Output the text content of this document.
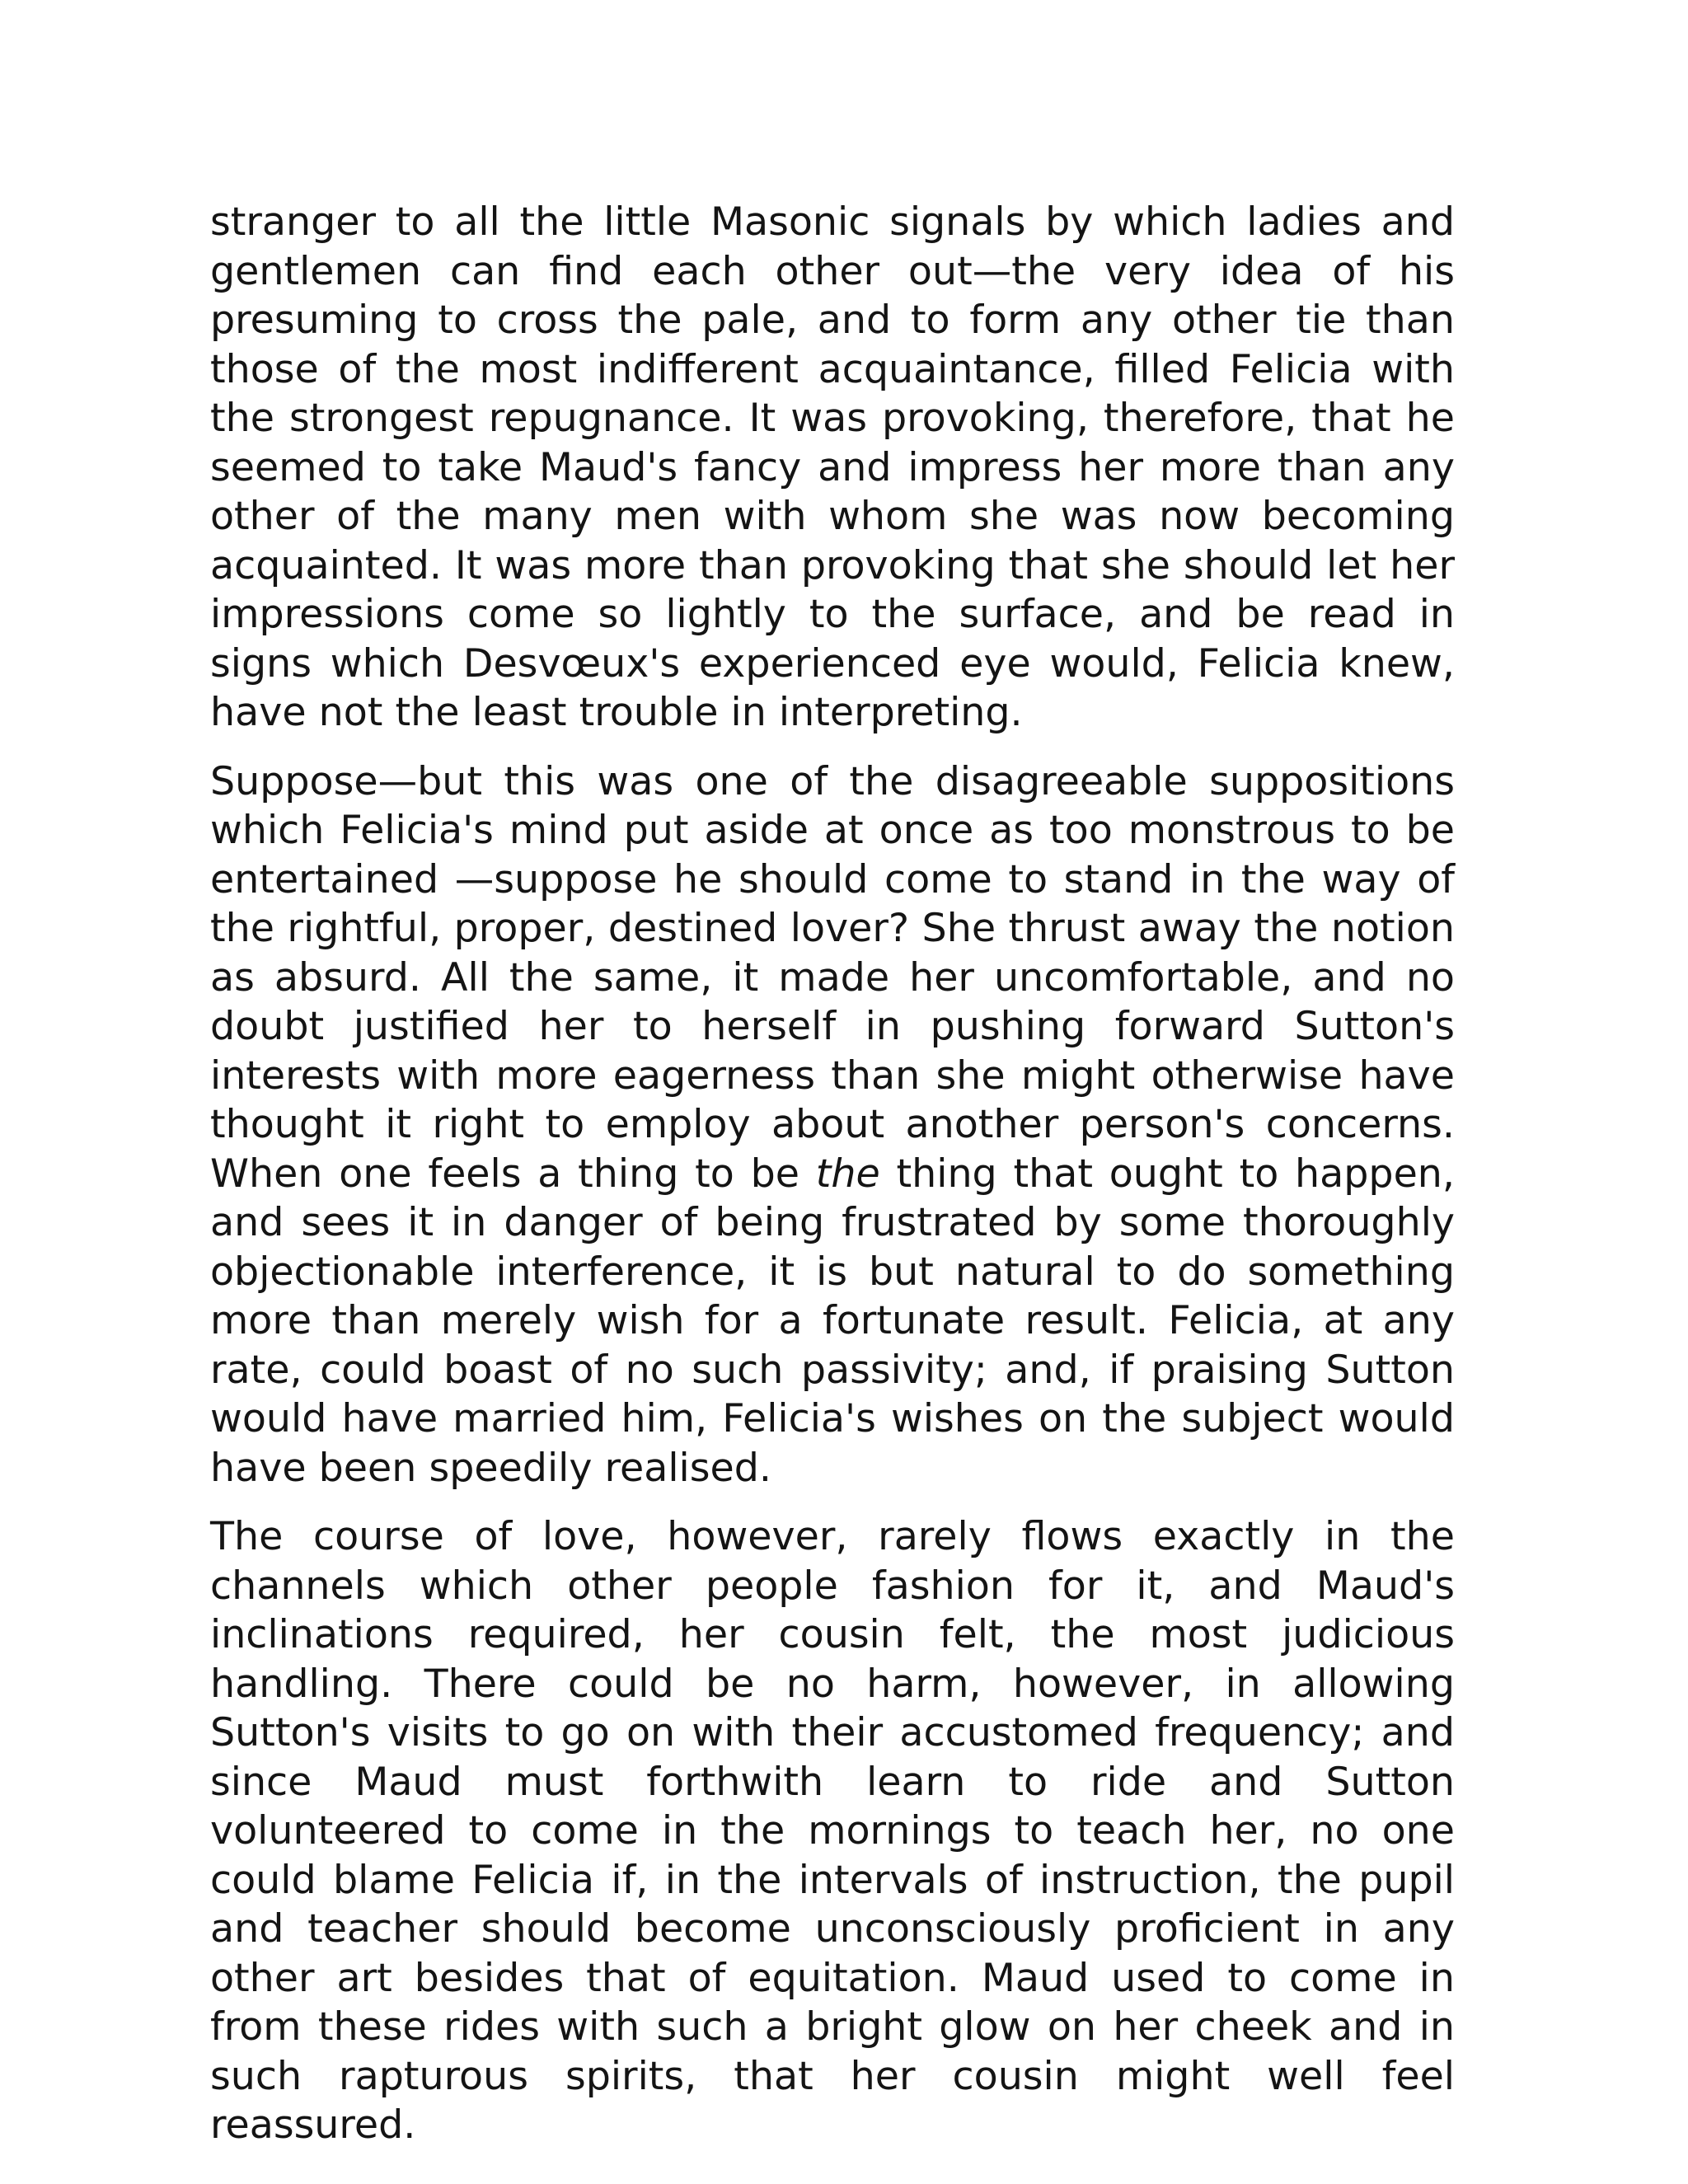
stranger to all the little Masonic signals by which ladies and gentlemen can find each other out—the very idea of his presuming to cross the pale, and to form any other tie than those of the most indifferent acquaintance, filled Felicia with the strongest repugnance. It was provoking, therefore, that he seemed to take Maud's fancy and impress her more than any other of the many men with whom she was now becoming acquainted. It was more than provoking that she should let her impressions come so lightly to the surface, and be read in signs which Desvœux's experienced eye would, Felicia knew, have not the least trouble in interpreting.

Suppose—but this was one of the disagreeable suppositions which Felicia's mind put aside at once as too monstrous to be entertained —suppose he should come to stand in the way of the rightful, proper, destined lover? She thrust away the notion as absurd. All the same, it made her uncomfortable, and no doubt justified her to herself in pushing forward Sutton's interests with more eagerness than she might otherwise have thought it right to employ about another person's concerns. When one feels a thing to be the thing that ought to happen, and sees it in danger of being frustrated by some thoroughly objectionable interference, it is but natural to do something more than merely wish for a fortunate result. Felicia, at any rate, could boast of no such passivity; and, if praising Sutton would have married him, Felicia's wishes on the subject would have been speedily realised.

The course of love, however, rarely flows exactly in the channels which other people fashion for it, and Maud's inclinations required, her cousin felt, the most judicious handling. There could be no harm, however, in allowing Sutton's visits to go on with their accustomed frequency; and since Maud must forthwith learn to ride and Sutton volunteered to come in the mornings to teach her, no one could blame Felicia if, in the intervals of instruction, the pupil and teacher should become unconsciously proficient in any other art besides that of equitation. Maud used to come in from these rides with such a bright glow on her cheek and in such rapturous spirits, that her cousin might well feel reassured.
